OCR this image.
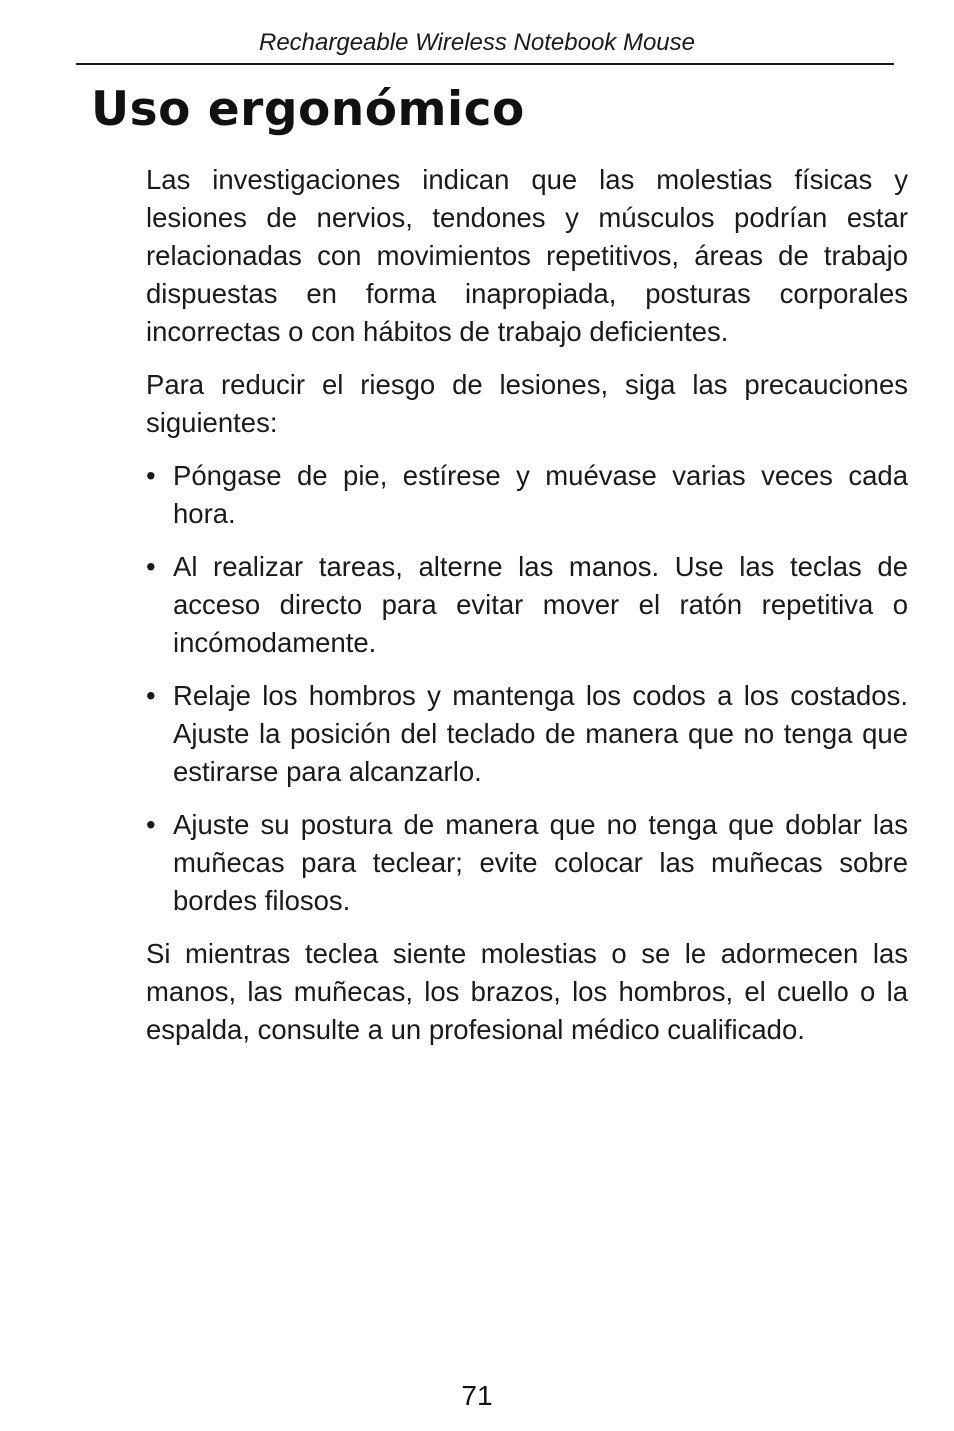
Rechargeable Wireless Notebook Mouse
Uso ergonómico

Las investigaciones indican que las molestias físicas y lesiones de nervios, tendones y músculos podrían estar relacionadas con movimientos repetitivos, áreas de trabajo dispuestas en forma inapropiada, posturas corporales incorrectas o con hábitos de trabajo deficientes.

Para reducir el riesgo de lesiones, siga las precauciones siguientes:

• Póngase de pie, estírese y muévase varias veces cada hora.
• Al realizar tareas, alterne las manos. Use las teclas de acceso directo para evitar mover el ratón repetitiva o incómodamente.
• Relaje los hombros y mantenga los codos a los costados. Ajuste la posición del teclado de manera que no tenga que estirarse para alcanzarlo.
• Ajuste su postura de manera que no tenga que doblar las muñecas para teclear; evite colocar las muñecas sobre bordes filosos.

Si mientras teclea siente molestias o se le adormecen las manos, las muñecas, los brazos, los hombros, el cuello o la espalda, consulte a un profesional médico cualificado.

71
